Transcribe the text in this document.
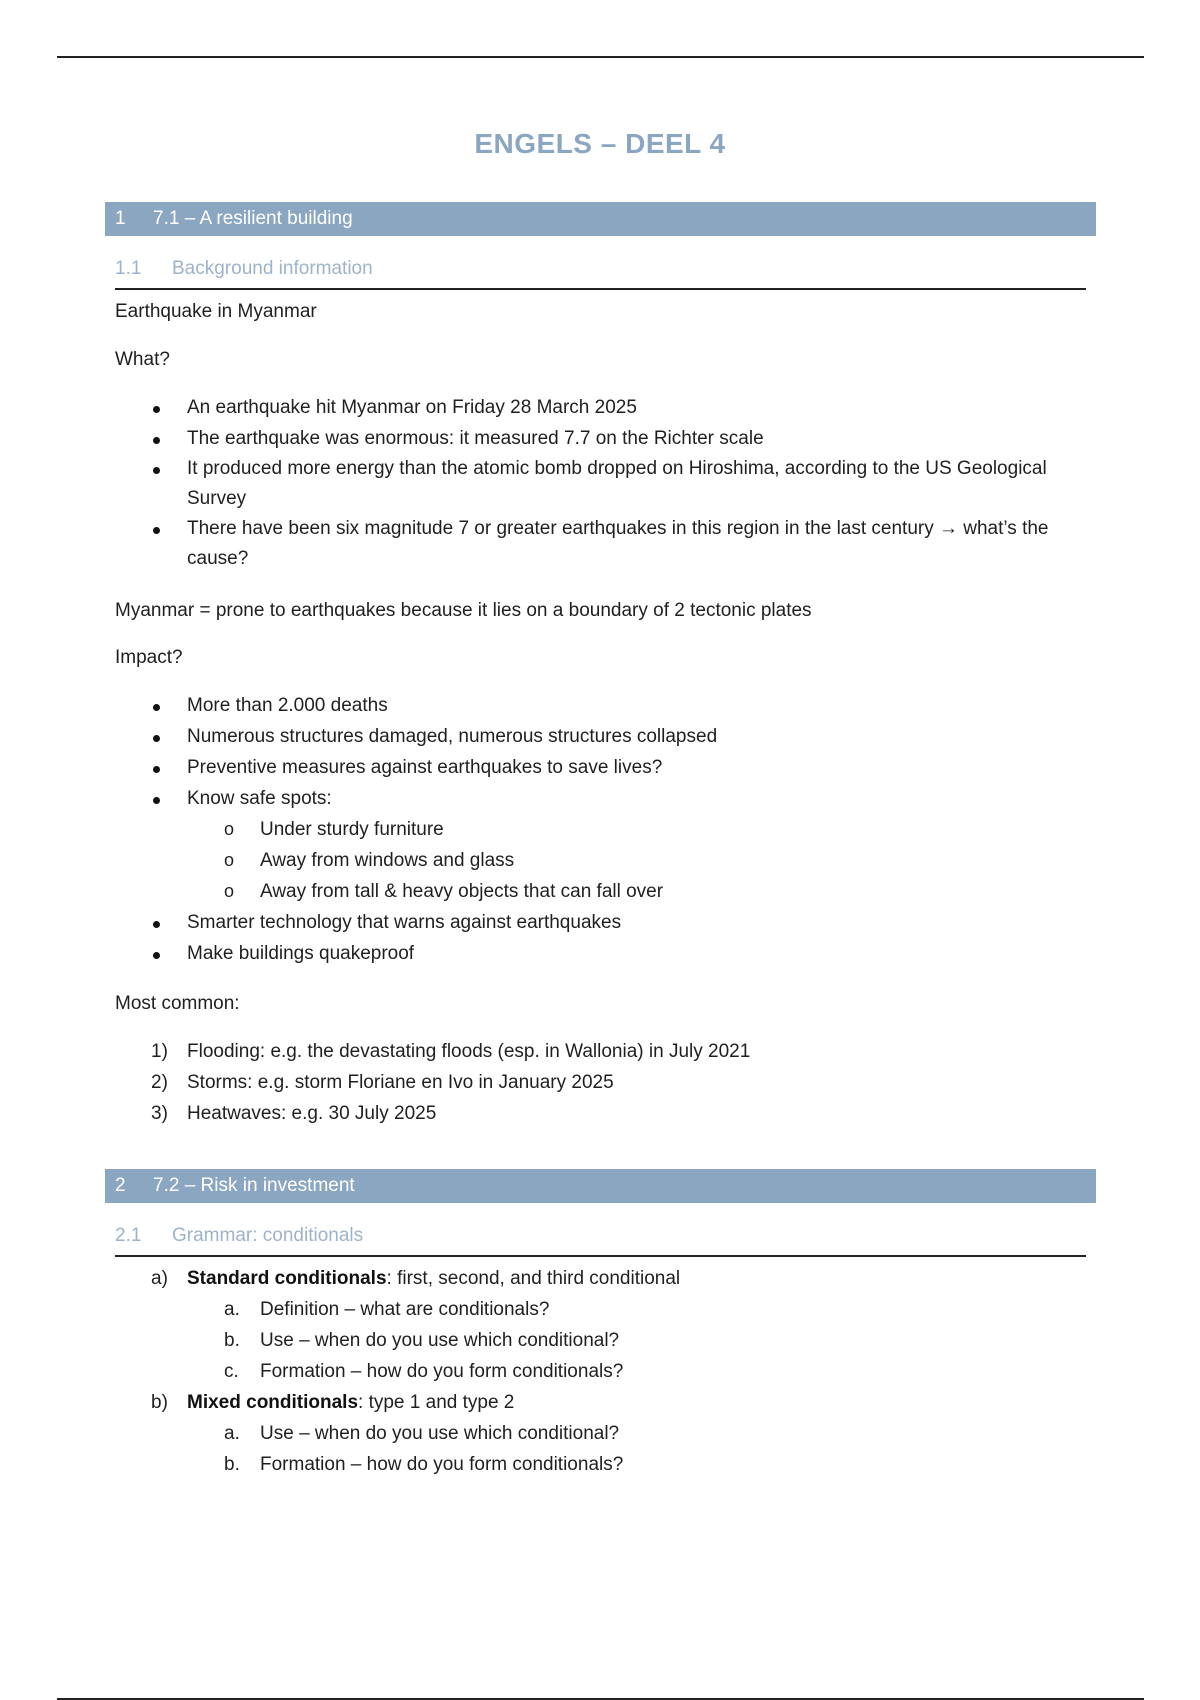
ENGELS – DEEL 4
1 7.1 – A resilient building
1.1	Background information

Earthquake in Myanmar

What?

An earthquake hit Myanmar on Friday 28 March 2025
The earthquake was enormous: it measured 7.7 on the Richter scale
It produced more energy than the atomic bomb dropped on Hiroshima, according to the US Geological Survey
There have been six magnitude 7 or greater earthquakes in this region in the last century → what’s the cause?

Myanmar = prone to earthquakes because it lies on a boundary of 2 tectonic plates

Impact?

More than 2.000 deaths
Numerous structures damaged, numerous structures collapsed
Preventive measures against earthquakes to save lives?
Know safe spots:
o Under sturdy furniture
o Away from windows and glass
o Away from tall & heavy objects that can fall over
Smarter technology that warns against earthquakes
Make buildings quakeproof

Most common:

1) Flooding: e.g. the devastating floods (esp. in Wallonia) in July 2021
2) Storms: e.g. storm Floriane en Ivo in January 2025
3) Heatwaves: e.g. 30 July 2025
2 7.2 – Risk in investment
2.1	Grammar: conditionals
a) Standard conditionals: first, second, and third conditional
a. Definition – what are conditionals?
b. Use – when do you use which conditional?
c. Formation – how do you form conditionals?
b) Mixed conditionals: type 1 and type 2
a. Use – when do you use which conditional?
b. Formation – how do you form conditionals?
